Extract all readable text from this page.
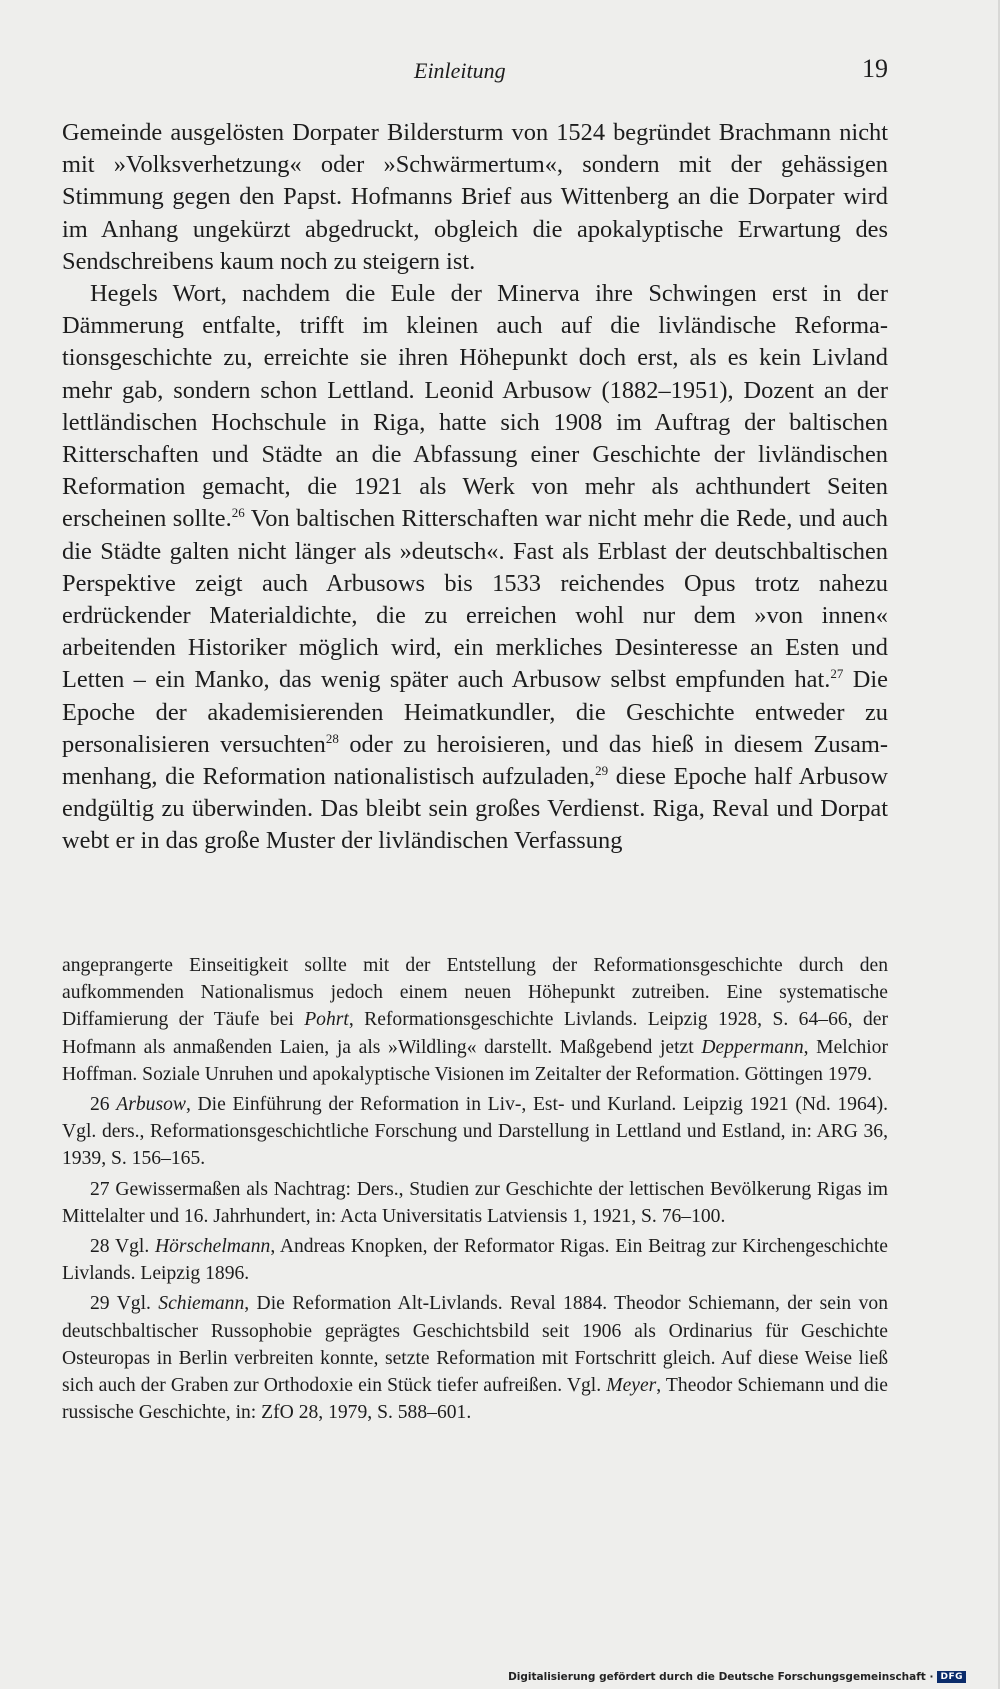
Einleitung	19

Gemeinde ausgelösten Dorpater Bildersturm von 1524 begründet Brachmann nicht mit »Volksverhetzung« oder »Schwärmertum«, sondern mit der gehässigen Stimmung gegen den Papst. Hofmanns Brief aus Wittenberg an die Dorpater wird im Anhang ungekürzt abgedruckt, obgleich die apokalyptische Erwartung des Sendschreibens kaum noch zu steigern ist.

Hegels Wort, nachdem die Eule der Minerva ihre Schwingen erst in der Dämmerung entfalte, trifft im kleinen auch auf die livländische Reformationsgeschichte zu, erreichte sie ihren Höhepunkt doch erst, als es kein Livland mehr gab, sondern schon Lettland. Leonid Arbusow (1882–1951), Dozent an der lettländischen Hochschule in Riga, hatte sich 1908 im Auftrag der baltischen Ritterschaften und Städte an die Abfassung einer Geschichte der livländischen Reformation gemacht, die 1921 als Werk von mehr als achthundert Seiten erscheinen sollte.$^{26}$ Von baltischen Ritterschaften war nicht mehr die Rede, und auch die Städte galten nicht länger als »deutsch«. Fast als Erblast der deutschbaltischen Perspektive zeigt auch Arbusows bis 1533 reichendes Opus trotz nahezu erdrückender Materialdichte, die zu erreichen wohl nur dem »von innen« arbeitenden Historiker möglich wird, ein merkliches Desinteresse an Esten und Letten – ein Manko, das wenig später auch Arbusow selbst empfunden hat.$^{27}$ Die Epoche der akademisierenden Heimatkundler, die Geschichte entweder zu personalisieren versuchten$^{28}$ oder zu heroisieren, und das hieß in diesem Zusammenhang, die Reformation nationalistisch aufzuladen,$^{29}$ diese Epoche half Arbusow endgültig zu überwinden. Das bleibt sein großes Verdienst. Riga, Reval und Dorpat webt er in das große Muster der livländischen Verfassung

angeprangerte Einseitigkeit sollte mit der Entstellung der Reformationsgeschichte durch den aufkommenden Nationalismus jedoch einem neuen Höhepunkt zutreiben. Eine systematische Diffamierung der Täufe bei Pohrt, Reformationsgeschichte Livlands. Leipzig 1928, S. 64–66, der Hofmann als anmaßenden Laien, ja als »Wildling« darstellt. Maßgebend jetzt Deppermann, Melchior Hoffman. Soziale Unruhen und apokalyptische Visionen im Zeitalter der Reformation. Göttingen 1979.

26 Arbusow, Die Einführung der Reformation in Liv-, Est- und Kurland. Leipzig 1921 (Nd. 1964). Vgl. ders., Reformationsgeschichtliche Forschung und Darstellung in Lettland und Estland, in: ARG 36, 1939, S. 156–165.

27 Gewissermaßen als Nachtrag: Ders., Studien zur Geschichte der lettischen Bevölkerung Rigas im Mittelalter und 16. Jahrhundert, in: Acta Universitatis Latviensis 1, 1921, S. 76–100.

28 Vgl. Hörschelmann, Andreas Knopken, der Reformator Rigas. Ein Beitrag zur Kirchengeschichte Livlands. Leipzig 1896.

29 Vgl. Schiemann, Die Reformation Alt-Livlands. Reval 1884. Theodor Schiemann, der sein von deutschbaltischer Russophobie geprägtes Geschichtsbild seit 1906 als Ordinarius für Geschichte Osteuropas in Berlin verbreiten konnte, setzte Reformation mit Fortschritt gleich. Auf diese Weise ließ sich auch der Graben zur Orthodoxie ein Stück tiefer aufreißen. Vgl. Meyer, Theodor Schiemann und die russische Geschichte, in: ZfO 28, 1979, S. 588–601.

Digitalisierung gefördert durch die Deutsche Forschungsgemeinschaft · DFG
